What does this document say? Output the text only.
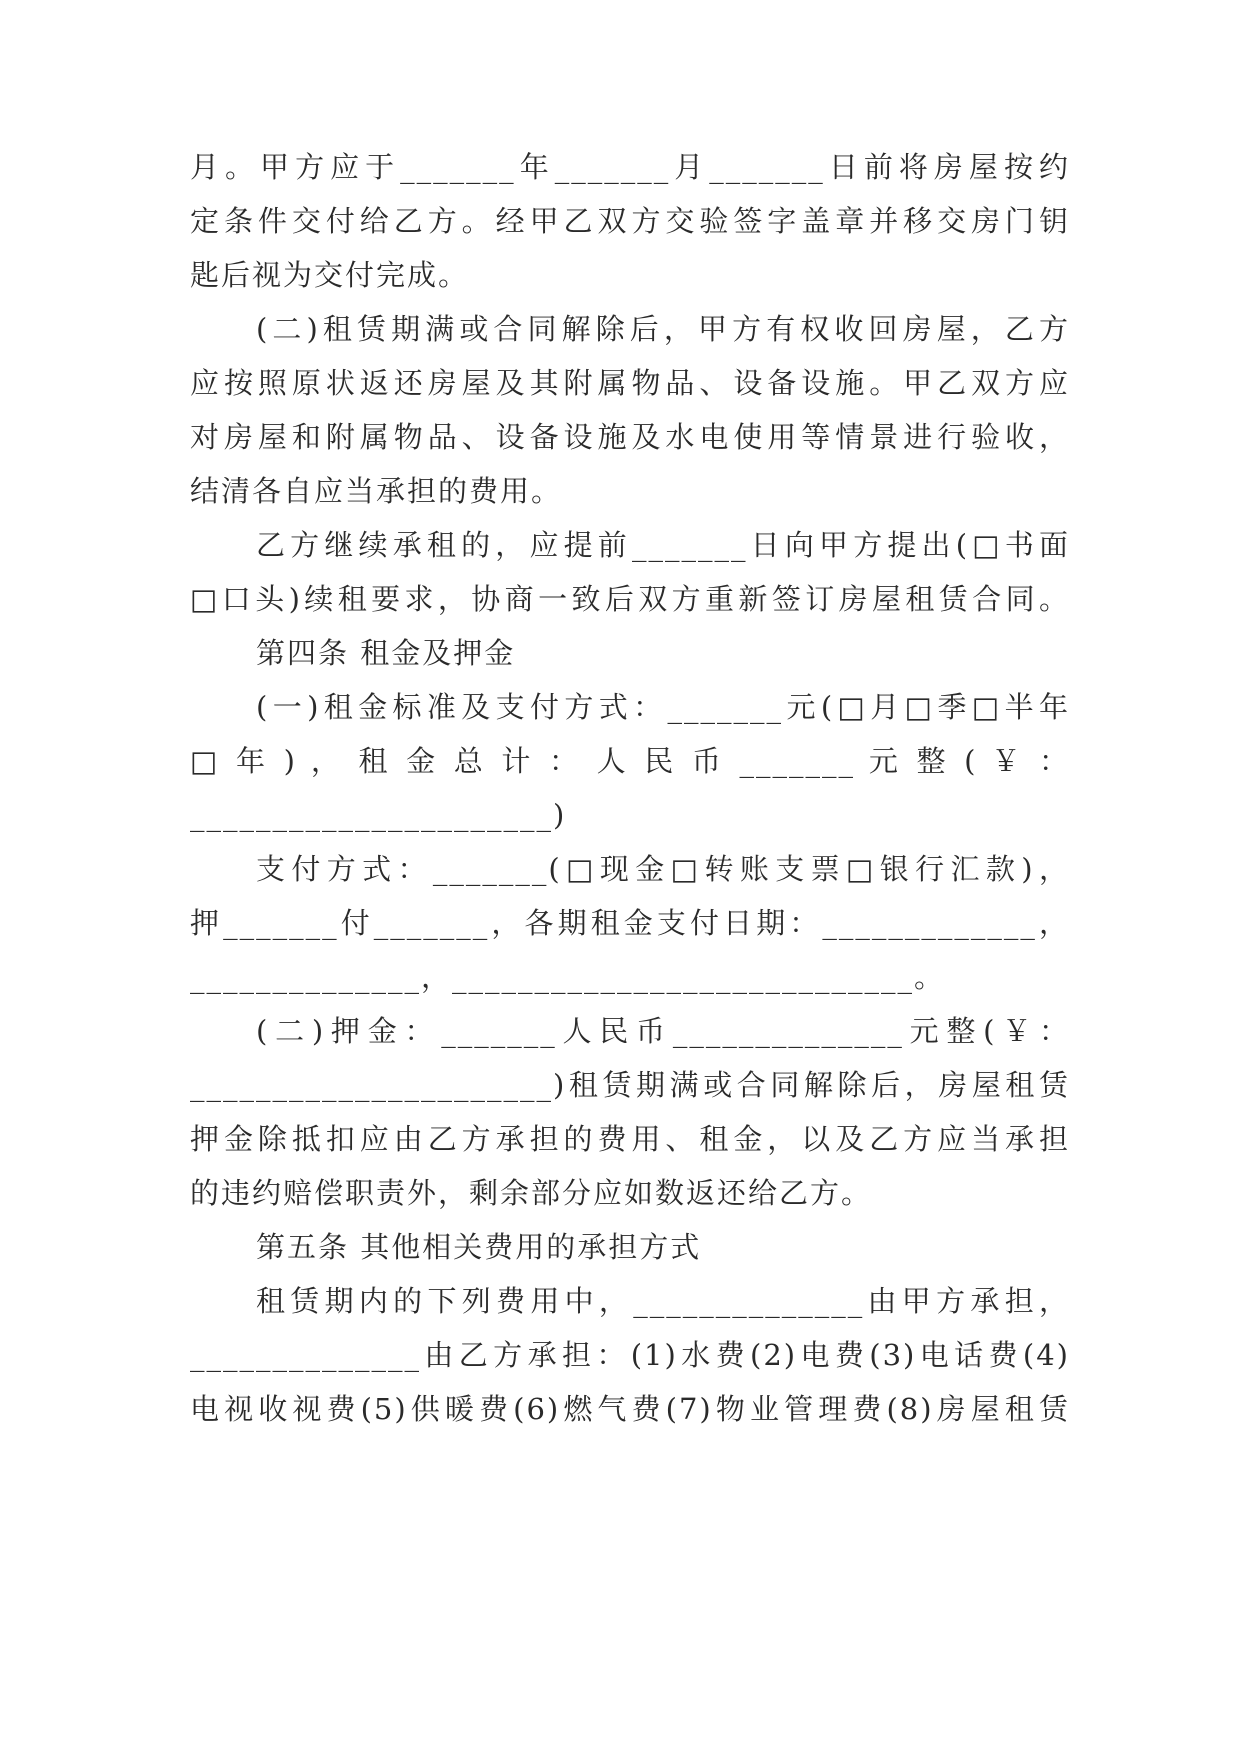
月。甲方应于_______年_______月_______日前将房屋按约
定条件交付给乙方。经甲乙双方交验签字盖章并移交房门钥
匙后视为交付完成。
(二)租赁期满或合同解除后，甲方有权收回房屋，乙方
应按照原状返还房屋及其附属物品、设备设施。甲乙双方应
对房屋和附属物品、设备设施及水电使用等情景进行验收，
结清各自应当承担的费用。
乙方继续承租的，应提前_______日向甲方提出(□书面
□口头)续租要求，协商一致后双方重新签订房屋租赁合同。
第四条 租金及押金
(一)租金标准及支付方式：_______元(□月□季□半年
□ 年 ) ， 租 金 总 计 ： 人 民 币 _______ 元 整 ( ￥ ：
______________________)
支付方式：_______(□现金□转账支票□银行汇款)，
押_______付_______，各期租金支付日期：_____________，
______________，____________________________。
(二)押金：_______人民币______________元整(￥：
______________________)租赁期满或合同解除后，房屋租赁
押金除抵扣应由乙方承担的费用、租金，以及乙方应当承担
的违约赔偿职责外，剩余部分应如数返还给乙方。
第五条 其他相关费用的承担方式
租赁期内的下列费用中，______________由甲方承担，
______________由乙方承担：(1)水费(2)电费(3)电话费(4)
电视收视费(5)供暖费(6)燃气费(7)物业管理费(8)房屋租赁
